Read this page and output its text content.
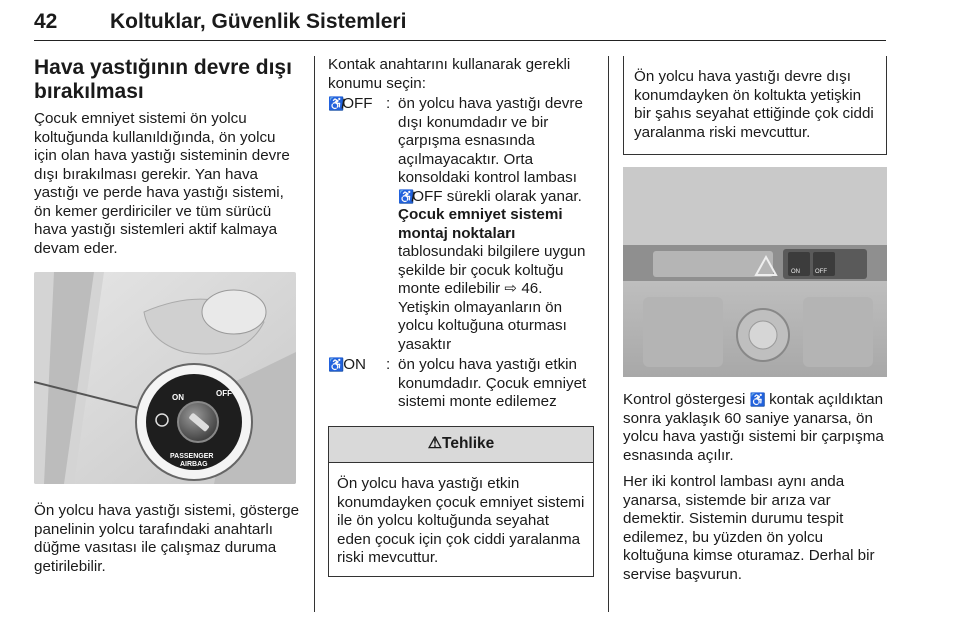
42	Koltuklar, Güvenlik Sistemleri
Hava yastığının devre dışı bırakılması

Çocuk emniyet sistemi ön yolcu koltuğunda kullanıldığında, ön yolcu için olan hava yastığı sisteminin devre dışı bırakılması gerekir. Yan hava yastığı ve perde hava yastığı sistemi, ön kemer gerdiriciler ve tüm sürücü hava yastığı sistemleri aktif kalmaya devam eder.

ON	OFF
PASSENGER
AIRBAG

Ön yolcu hava yastığı sistemi, gösterge panelinin yolcu tarafındaki anahtarlı düğme vasıtası ile çalışmaz duruma getirilebilir.

Kontak anahtarını kullanarak gerekli konumu seçin:

♿̸OFF : ön yolcu hava yastığı devre dışı konumdadır ve bir çarpışma esnasında açılmayacaktır. Orta konsoldaki kontrol lambası ♿̸OFF sürekli olarak yanar. Çocuk emniyet sistemi montaj noktaları tablosundaki bilgilere uygun şekilde bir çocuk koltuğu monte edilebilir ⇨ 46. Yetişkin olmayanların ön yolcu koltuğuna oturması yasaktır
♿ON	: ön yolcu hava yastığı etkin konumdadır. Çocuk emniyet sistemi monte edilemez
⚠Tehlike
Ön yolcu hava yastığı etkin konumdayken çocuk emniyet sistemi ile ön yolcu koltuğunda seyahat eden çocuk için çok ciddi yaralanma riski mevcuttur.
Ön yolcu hava yastığı devre dışı konumdayken ön koltukta yetişkin bir şahıs seyahat ettiğinde çok ciddi yaralanma riski mevcuttur.
ON	OFF

Kontrol göstergesi ♿ kontak açıldıktan sonra yaklaşık 60 saniye yanarsa, ön yolcu hava yastığı sistemi bir çarpışma esnasında açılır.

Her iki kontrol lambası aynı anda yanarsa, sistemde bir arıza var demektir. Sistemin durumu tespit edilemez, bu yüzden ön yolcu koltuğuna kimse oturamaz. Derhal bir servise başvurun.
